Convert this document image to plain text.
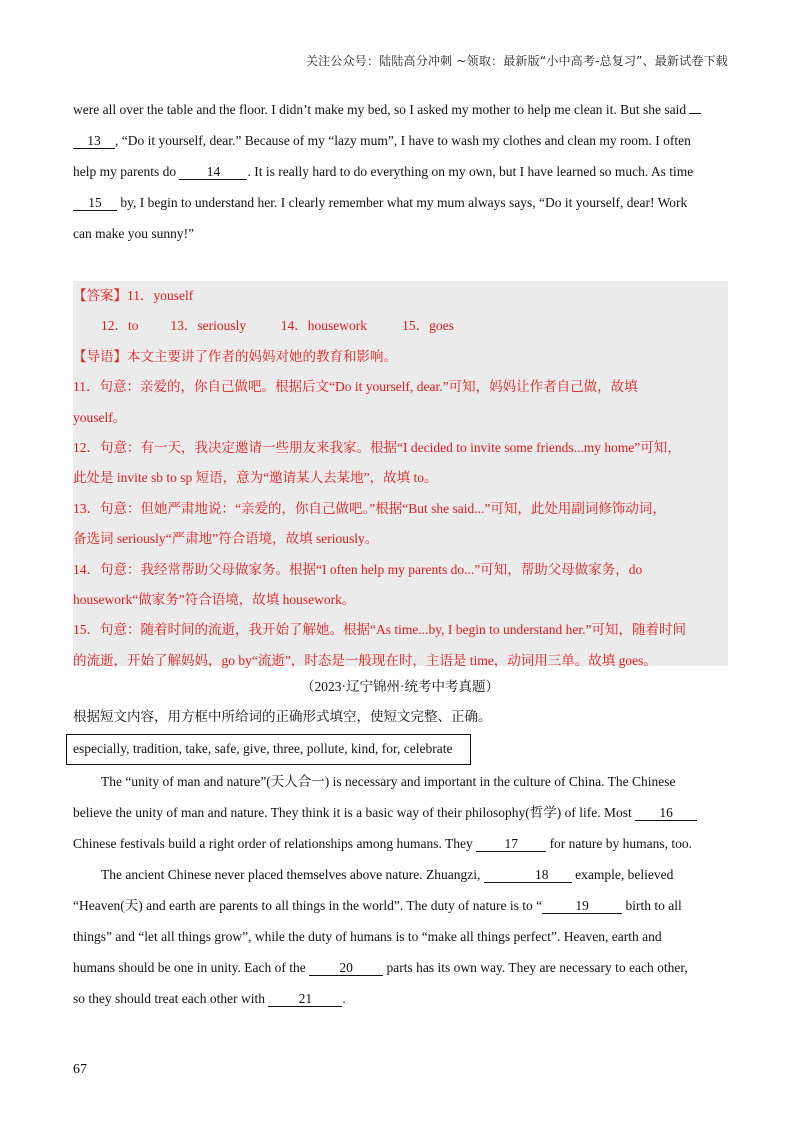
关注公众号：陆陆高分冲刺 ~领取：最新版“小中高考-总复习”、最新试卷下载

were all over the table and the floor. I didn’t make my bed, so I asked my mother to help me clean it. But she said

13 , “Do it yourself, dear.” Because of my “lazy mum”, I have to wash my clothes and clean my room. I often

help my parents do 14 . It is really hard to do everything on my own, but I have learned so much. As time

15 by, I begin to understand her. I clearly remember what my mum always says, “Do it yourself, dear! Work

can make you sunny!”

【答案】11．youself

12．to 13．seriously	14．housework	15．goes

【导语】本文主要讲了作者的妈妈对她的教育和影响。

11．句意：亲爱的，你自己做吧。根据后文“Do it yourself, dear.”可知，妈妈让作者自己做，故填

youself。

12．句意：有一天，我决定邀请一些朋友来我家。根据“I decided to invite some friends...my home”可知，

此处是 invite sb to sp 短语，意为“邀请某人去某地”，故填 to。

13．句意：但她严肃地说：“亲爱的，你自己做吧。”根据“But she said...”可知，此处用副词修饰动词，

备选词 seriously“严肃地”符合语境，故填 seriously。

14．句意：我经常帮助父母做家务。根据“I often help my parents do...”可知，帮助父母做家务，do

housework“做家务”符合语境，故填 housework。

15．句意：随着时间的流逝，我开始了解她。根据“As time...by, I begin to understand her.”可知，随着时间

的流逝，开始了解妈妈，go by“流逝”，时态是一般现在时，主语是 time，动词用三单。故填 goes。

（2023·辽宁锦州·统考中考真题）
根据短文内容，用方框中所给词的正确形式填空，使短文完整、正确。
especially, tradition, take, safe, give, three, pollute, kind, for, celebrate

The “unity of man and nature”(天人合一) is necessary and important in the culture of China. The Chinese

believe the unity of man and nature. They think it is a basic way of their philosophy(哲学) of life. Most 16

Chinese festivals build a right order of relationships among humans. They 17 for nature by humans, too.

The ancient Chinese never placed themselves above nature. Zhuangzi,	18 example, believed

“Heaven(天) and earth are parents to all things in the world”. The duty of nature is to “ 19	birth to all

things” and “let all things grow”, while the duty of humans is to “make all things perfect”. Heaven, earth and

humans should be one in unity. Each of the 20 parts has its own way. They are necessary to each other,

so they should treat each other with 21 .

67
